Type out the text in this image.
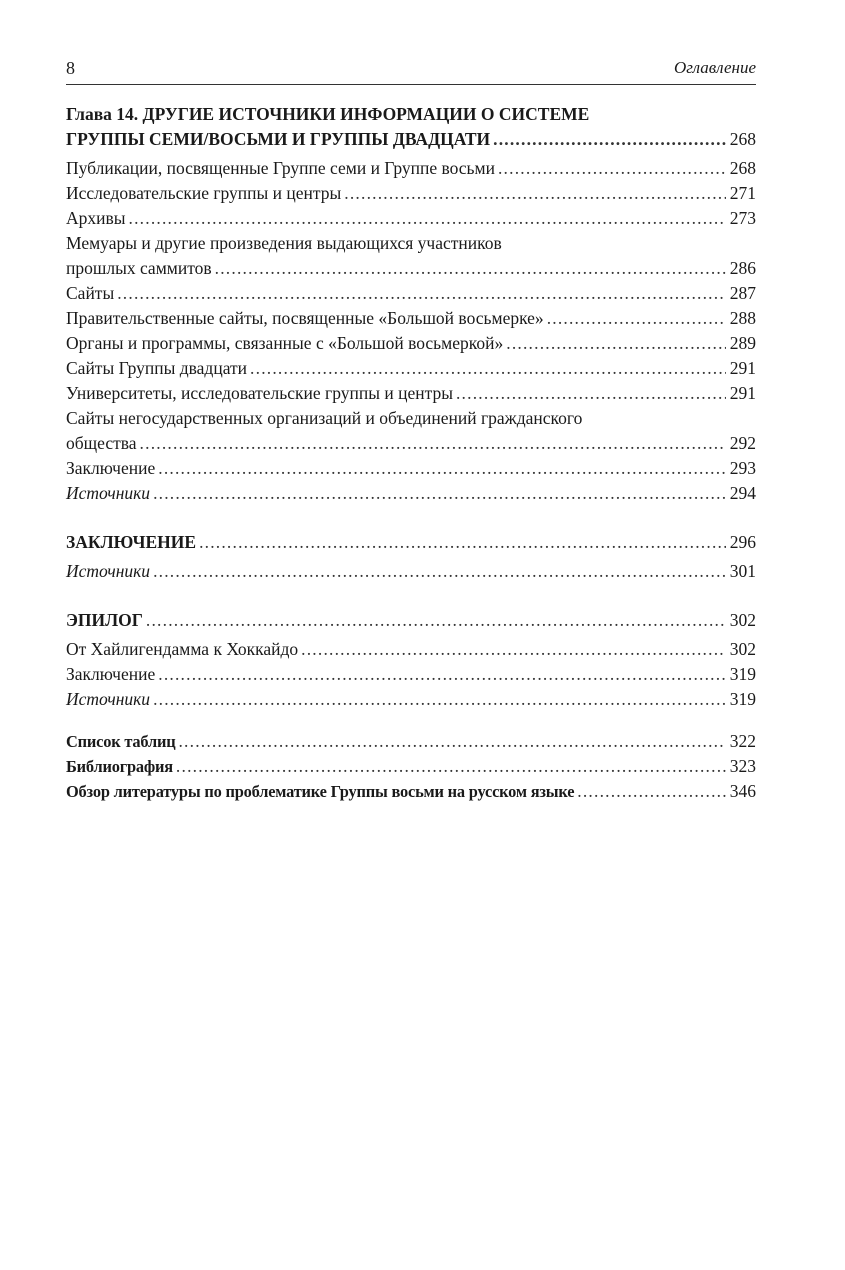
8	Оглавление
Глава 14. ДРУГИЕ ИСТОЧНИКИ ИНФОРМАЦИИ О СИСТЕМЕ
ГРУППЫ СЕМИ/ВОСЬМИ И ГРУППЫ ДВАДЦАТИ .....	268
Публикации, посвященные Группе семи и Группе восьми .....	268
Исследовательские группы и центры .....	271
Архивы .....	273
Мемуары и другие произведения выдающихся участников
прошлых саммитов .....	286
Сайты .....	287
Правительственные сайты, посвященные «Большой восьмерке» .....	288
Органы и программы, связанные с «Большой восьмеркой» .....	289
Сайты Группы двадцати .....	291
Университеты, исследовательские группы и центры .....	291
Сайты негосударственных организаций и объединений гражданского
общества .....	292
Заключение .....	293
Источники .....	294
ЗАКЛЮЧЕНИЕ .....	296
Источники .....	301
ЭПИЛОГ .....	302
От Хайлигендамма к Хоккайдо .....	302
Заключение .....	319
Источники .....	319
Список таблиц .....	322
Библиография .....	323
Обзор литературы по проблематике Группы восьми на русском языке .....	346
